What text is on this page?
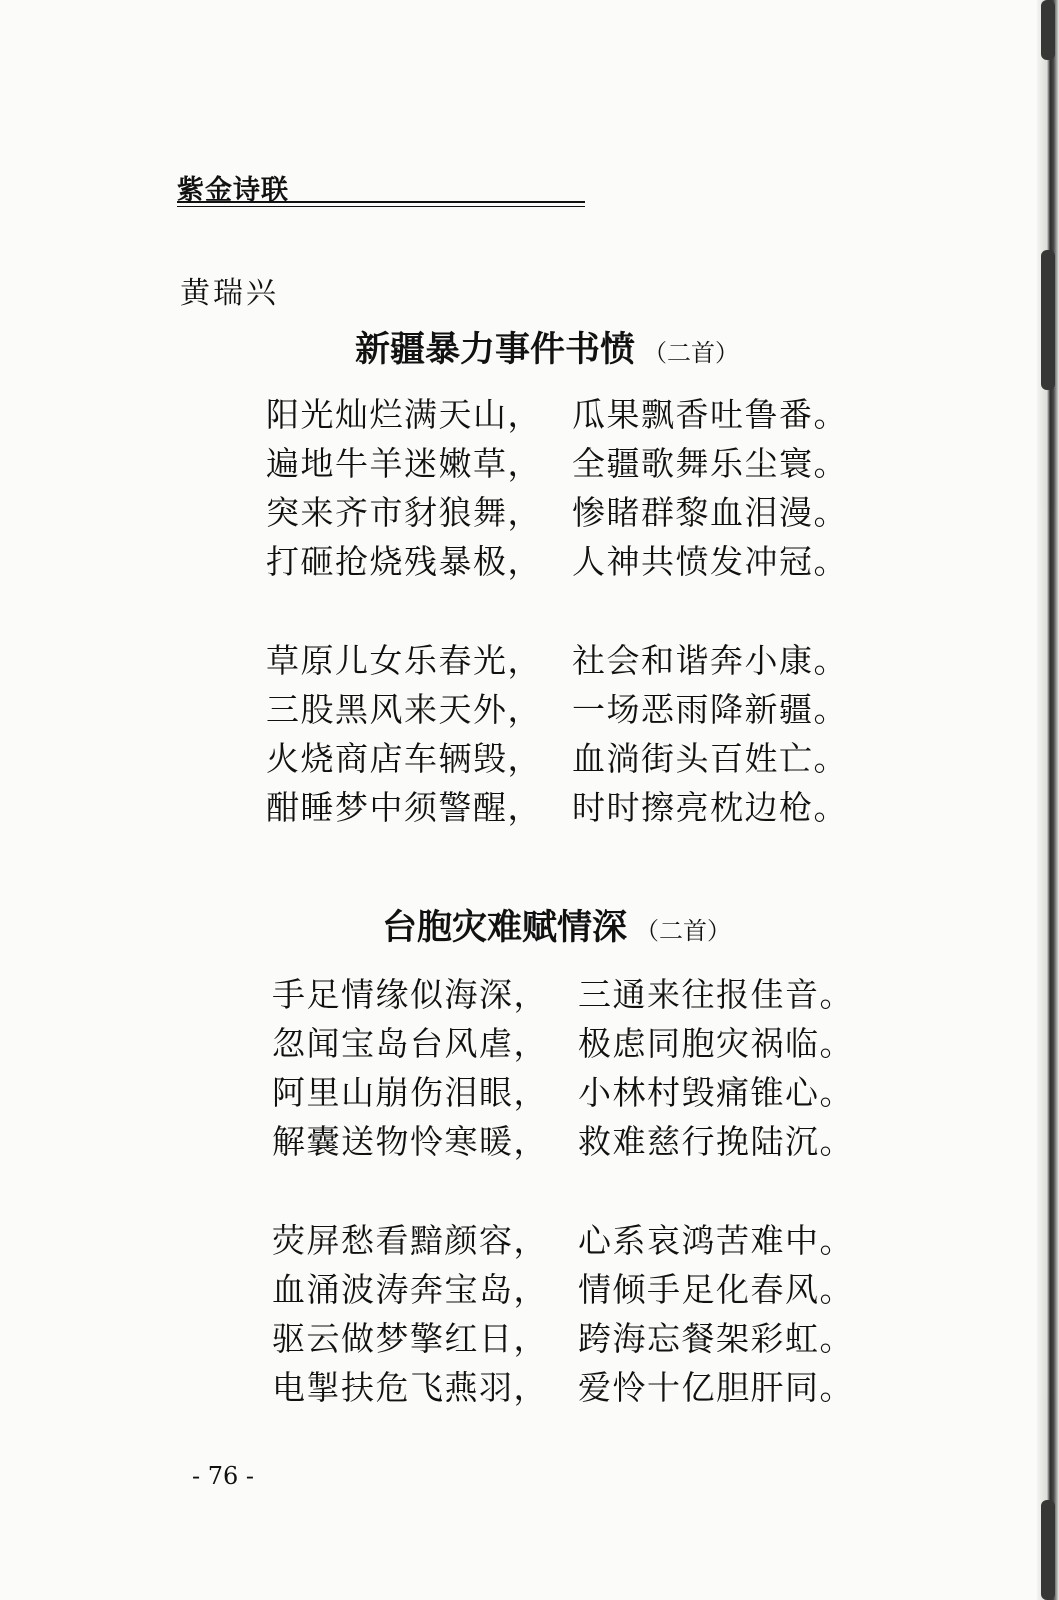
紫金诗联
黄瑞兴
新疆暴力事件书愤 （二首）
阳光灿烂满天山， 瓜果飘香吐鲁番。
遍地牛羊迷嫩草， 全疆歌舞乐尘寰。
突来齐市豺狼舞， 惨睹群黎血泪漫。
打砸抢烧残暴极， 人神共愤发冲冠。
草原儿女乐春光， 社会和谐奔小康。
三股黑风来天外， 一场恶雨降新疆。
火烧商店车辆毁， 血淌街头百姓亡。
酣睡梦中须警醒， 时时擦亮枕边枪。
台胞灾难赋情深 （二首）
手足情缘似海深， 三通来往报佳音。
忽闻宝岛台风虐， 极虑同胞灾祸临。
阿里山崩伤泪眼， 小林村毁痛锥心。
解囊送物怜寒暖， 救难慈行挽陆沉。
荧屏愁看黯颜容， 心系哀鸿苦难中。
血涌波涛奔宝岛， 情倾手足化春风。
驱云做梦擎红日， 跨海忘餐架彩虹。
电掣扶危飞燕羽， 爱怜十亿胆肝同。
- 76 -
